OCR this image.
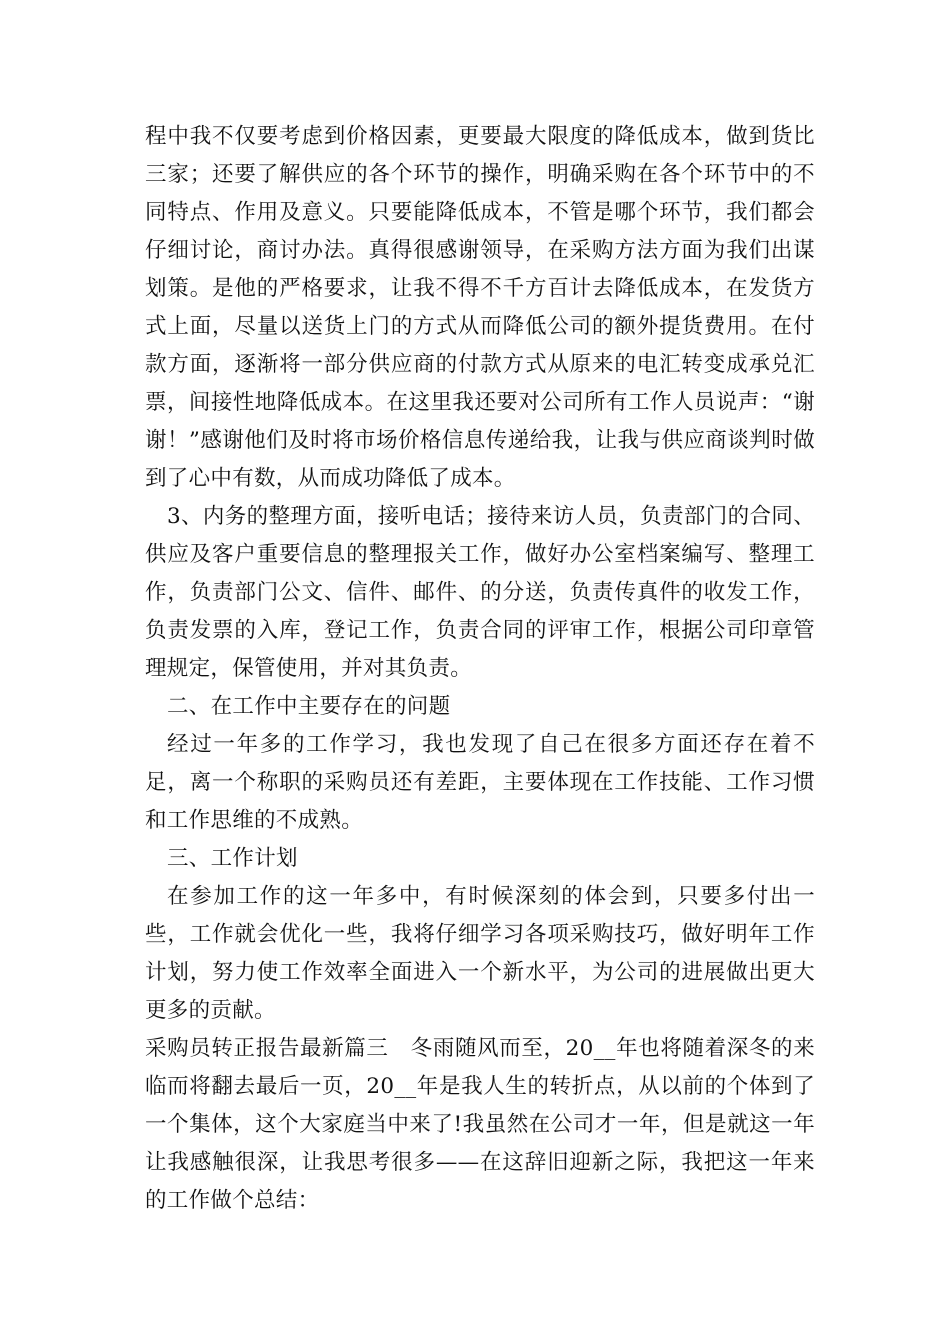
程中我不仅要考虑到价格因素，更要最大限度的降低成本，做到货比三家；还要了解供应的各个环节的操作，明确采购在各个环节中的不同特点、作用及意义。只要能降低成本，不管是哪个环节，我们都会仔细讨论，商讨办法。真得很感谢领导，在采购方法方面为我们出谋划策。是他的严格要求，让我不得不千方百计去降低成本，在发货方式上面，尽量以送货上门的方式从而降低公司的额外提货费用。在付款方面，逐渐将一部分供应商的付款方式从原来的电汇转变成承兑汇票，间接性地降低成本。在这里我还要对公司所有工作人员说声：“谢谢！”感谢他们及时将市场价格信息传递给我，让我与供应商谈判时做到了心中有数，从而成功降低了成本。

3、内务的整理方面，接听电话；接待来访人员，负责部门的合同、供应及客户重要信息的整理报关工作，做好办公室档案编写、整理工作，负责部门公文、信件、邮件、的分送，负责传真件的收发工作，负责发票的入库，登记工作，负责合同的评审工作，根据公司印章管理规定，保管使用，并对其负责。

二、在工作中主要存在的问题

经过一年多的工作学习，我也发现了自己在很多方面还存在着不足，离一个称职的采购员还有差距，主要体现在工作技能、工作习惯和工作思维的不成熟。

三、工作计划

在参加工作的这一年多中，有时候深刻的体会到，只要多付出一些，工作就会优化一些，我将仔细学习各项采购技巧，做好明年工作计划，努力使工作效率全面进入一个新水平，为公司的进展做出更大更多的贡献。

采购员转正报告最新篇三　冬雨随风而至，20__年也将随着深冬的来临而将翻去最后一页，20__年是我人生的转折点，从以前的个体到了一个集体，这个大家庭当中来了!我虽然在公司才一年，但是就这一年让我感触很深，让我思考很多——在这辞旧迎新之际，我把这一年来的工作做个总结：
